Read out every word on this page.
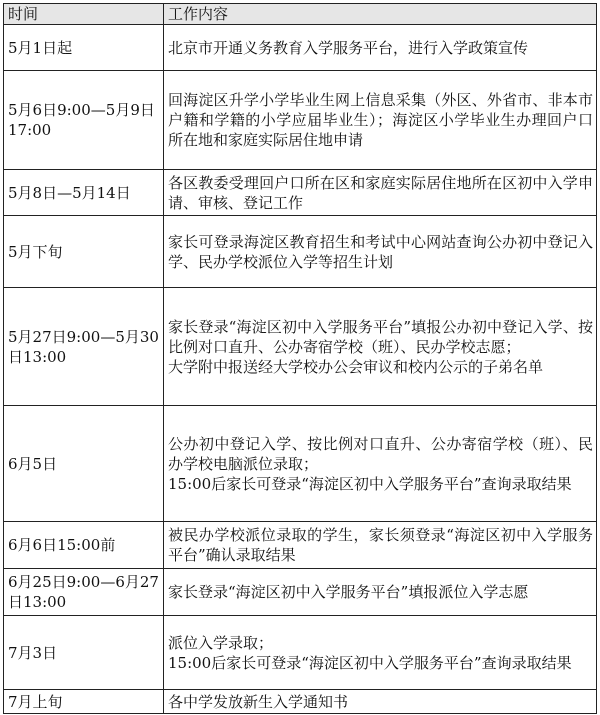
时间	工作内容
5月1日起	北京市开通义务教育入学服务平台，进行入学政策宣传

5月6日9:00—5月9日17:00	回海淀区升学小学毕业生网上信息采集（外区、外省市、非本市户籍和学籍的小学应届毕业生）；海淀区小学毕业生办理回户口所在地和家庭实际居住地申请

5月8日—5月14日	各区教委受理回户口所在区和家庭实际居住地所在区初中入学申请、审核、登记工作

5月下旬	家长可登录海淀区教育招生和考试中心网站查询公办初中登记入学、民办学校派位入学等招生计划

5月27日9:00—5月30日13:00	家长登录“海淀区初中入学服务平台”填报公办初中登记入学、按比例对口直升、公办寄宿学校（班）、民办学校志愿；
大学附中报送经大学校办公会审议和校内公示的子弟名单

6月5日	公办初中登记入学、按比例对口直升、公办寄宿学校（班）、民办学校电脑派位录取；
15:00后家长可登录“海淀区初中入学服务平台”查询录取结果

6月6日15:00前	被民办学校派位录取的学生，家长须登录“海淀区初中入学服务平台”确认录取结果

6月25日9:00—6月27日13:00	家长登录“海淀区初中入学服务平台”填报派位入学志愿

7月3日	派位入学录取；
15:00后家长可登录“海淀区初中入学服务平台”查询录取结果

7月上旬	各中学发放新生入学通知书
